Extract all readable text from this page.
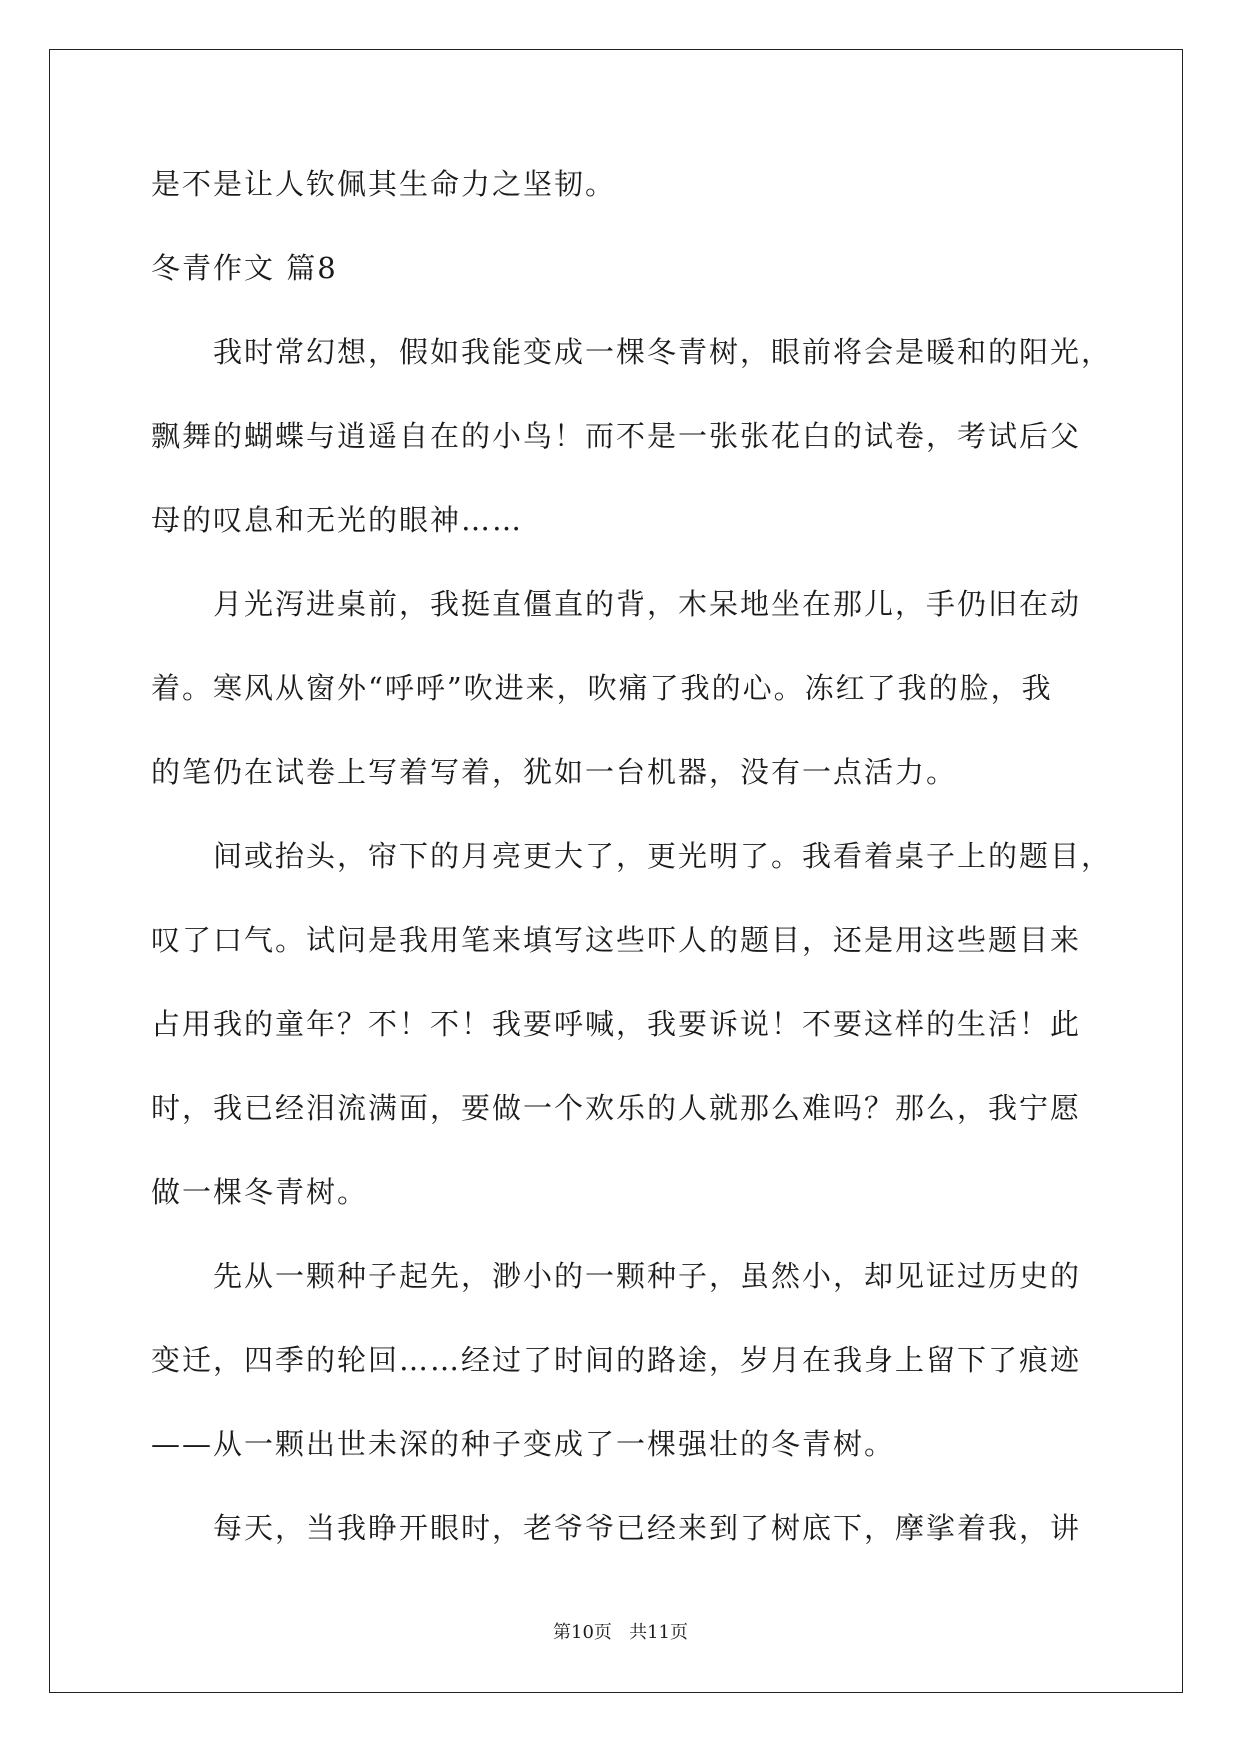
是不是让人钦佩其生命力之坚韧。
冬青作文 篇8
我时常幻想，假如我能变成一棵冬青树，眼前将会是暖和的阳光，
飘舞的蝴蝶与逍遥自在的小鸟！而不是一张张花白的试卷，考试后父
母的叹息和无光的眼神……
月光泻进桌前，我挺直僵直的背，木呆地坐在那儿，手仍旧在动
着。寒风从窗外“呼呼”吹进来，吹痛了我的心。冻红了我的脸，我
的笔仍在试卷上写着写着，犹如一台机器，没有一点活力。
间或抬头，帘下的月亮更大了，更光明了。我看着桌子上的题目，
叹了口气。试问是我用笔来填写这些吓人的题目，还是用这些题目来
占用我的童年？不！不！我要呼喊，我要诉说！不要这样的生活！此
时，我已经泪流满面，要做一个欢乐的人就那么难吗？那么，我宁愿
做一棵冬青树。
先从一颗种子起先，渺小的一颗种子，虽然小，却见证过历史的
变迁，四季的轮回……经过了时间的路途，岁月在我身上留下了痕迹
——从一颗出世未深的种子变成了一棵强壮的冬青树。
每天，当我睁开眼时，老爷爷已经来到了树底下，摩挲着我，讲
第10页   共11页
